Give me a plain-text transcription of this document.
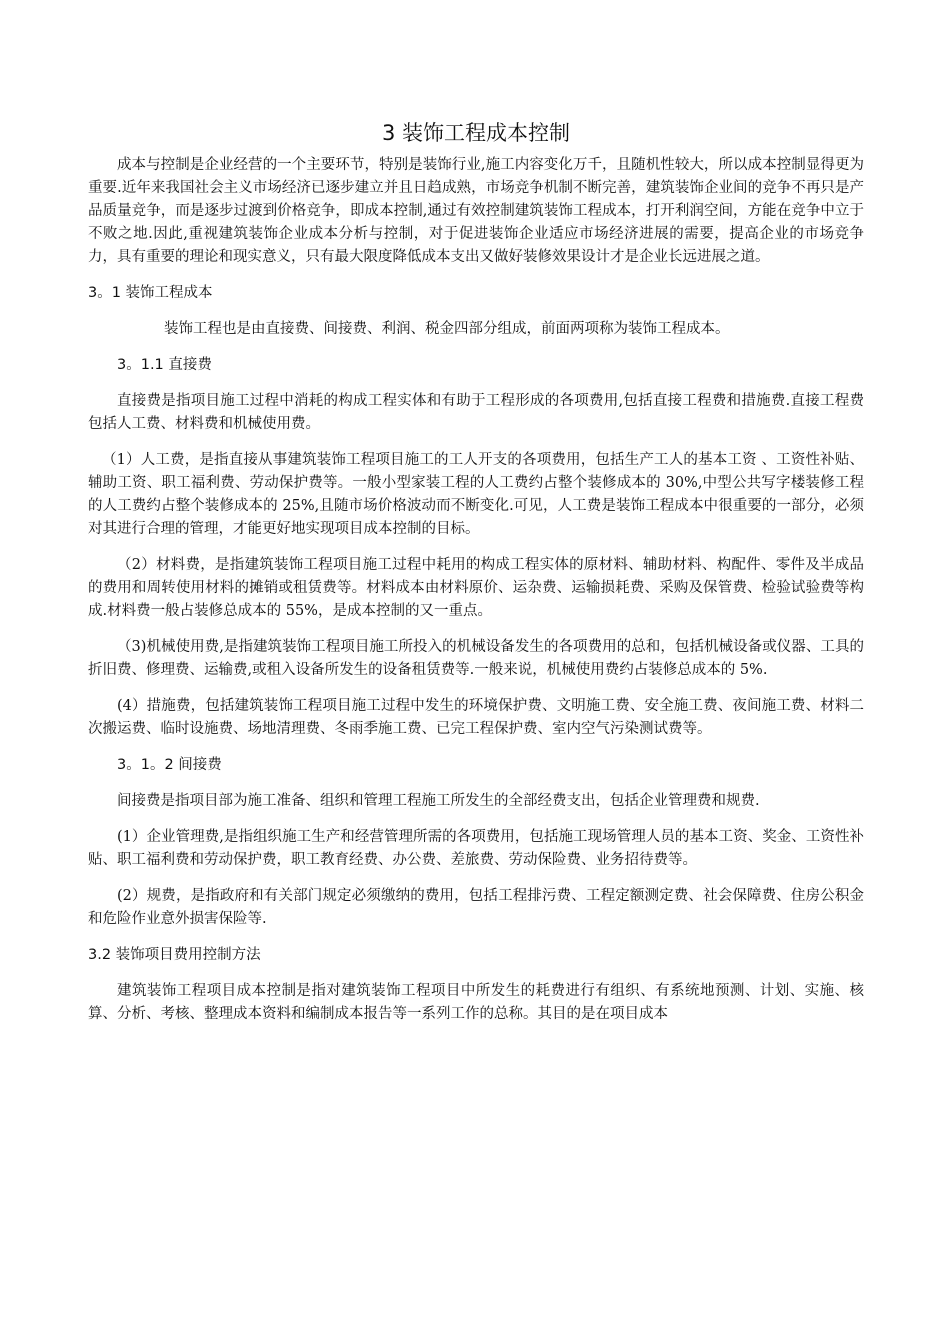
3 装饰工程成本控制

成本与控制是企业经营的一个主要环节，特别是装饰行业,施工内容变化万千，且随机性较大，所以成本控制显得更为重要.近年来我国社会主义市场经济已逐步建立并且日趋成熟，市场竞争机制不断完善，建筑装饰企业间的竞争不再只是产品质量竞争，而是逐步过渡到价格竞争，即成本控制,通过有效控制建筑装饰工程成本，打开利润空间，方能在竞争中立于不败之地.因此,重视建筑装饰企业成本分析与控制，对于促进装饰企业适应市场经济进展的需要，提高企业的市场竞争力，具有重要的理论和现实意义，只有最大限度降低成本支出又做好装修效果设计才是企业长远进展之道。

3。1 装饰工程成本

装饰工程也是由直接费、间接费、利润、税金四部分组成，前面两项称为装饰工程成本。

3。1.1 直接费

直接费是指项目施工过程中消耗的构成工程实体和有助于工程形成的各项费用,包括直接工程费和措施费.直接工程费包括人工费、材料费和机械使用费。

（1）人工费，是指直接从事建筑装饰工程项目施工的工人开支的各项费用，包括生产工人的基本工资 、工资性补贴、辅助工资、职工福利费、劳动保护费等。一般小型家装工程的人工费约占整个装修成本的 30%,中型公共写字楼装修工程的人工费约占整个装修成本的 25%,且随市场价格波动而不断变化.可见，人工费是装饰工程成本中很重要的一部分，必须对其进行合理的管理，才能更好地实现项目成本控制的目标。

（2）材料费，是指建筑装饰工程项目施工过程中耗用的构成工程实体的原材料、辅助材料、构配件、零件及半成品的费用和周转使用材料的摊销或租赁费等。材料成本由材料原价、运杂费、运输损耗费、采购及保管费、检验试验费等构成.材料费一般占装修总成本的 55%，是成本控制的又一重点。

（3)机械使用费,是指建筑装饰工程项目施工所投入的机械设备发生的各项费用的总和，包括机械设备或仪器、工具的折旧费、修理费、运输费,或租入设备所发生的设备租赁费等.一般来说，机械使用费约占装修总成本的 5%.

(4）措施费，包括建筑装饰工程项目施工过程中发生的环境保护费、文明施工费、安全施工费、夜间施工费、材料二次搬运费、临时设施费、场地清理费、冬雨季施工费、已完工程保护费、室内空气污染测试费等。

3。1。2 间接费

间接费是指项目部为施工准备、组织和管理工程施工所发生的全部经费支出，包括企业管理费和规费.

(1）企业管理费,是指组织施工生产和经营管理所需的各项费用，包括施工现场管理人员的基本工资、奖金、工资性补贴、职工福利费和劳动保护费，职工教育经费、办公费、差旅费、劳动保险费、业务招待费等。

(2）规费，是指政府和有关部门规定必须缴纳的费用，包括工程排污费、工程定额测定费、社会保障费、住房公积金和危险作业意外损害保险等.

3.2 装饰项目费用控制方法

建筑装饰工程项目成本控制是指对建筑装饰工程项目中所发生的耗费进行有组织、有系统地预测、计划、实施、核算、分析、考核、整理成本资料和编制成本报告等一系列工作的总称。其目的是在项目成本
